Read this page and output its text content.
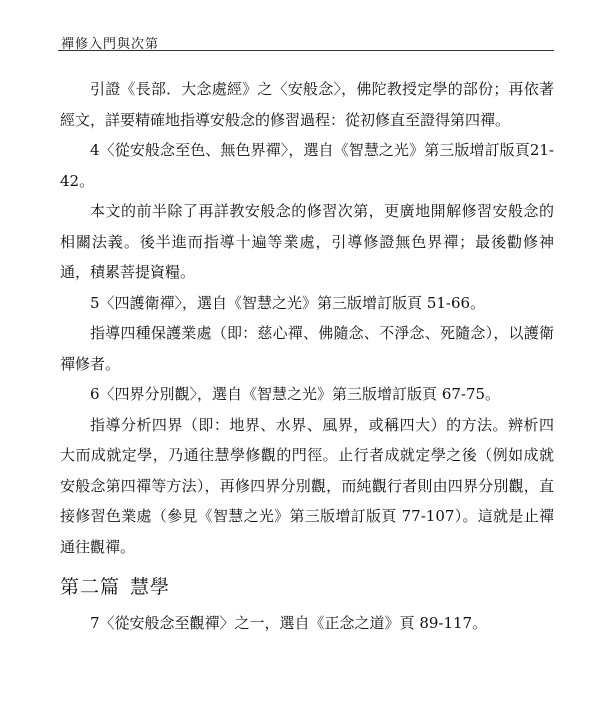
禪修入門與次第

引證《長部．大念處經》之〈安般念〉，佛陀教授定學的部份；再依著經文，詳要精確地指導安般念的修習過程：從初修直至證得第四禪。

4〈從安般念至色、無色界禪〉，選自《智慧之光》第三版增訂版頁21-42。

本文的前半除了再詳教安般念的修習次第，更廣地開解修習安般念的相關法義。後半進而指導十遍等業處，引導修證無色界禪；最後勸修神通，積累菩提資糧。

5〈四護衛禪〉，選自《智慧之光》第三版增訂版頁 51-66。

指導四種保護業處（即：慈心禪、佛隨念、不淨念、死隨念），以護衛禪修者。

6〈四界分別觀〉，選自《智慧之光》第三版增訂版頁 67-75。

指導分析四界（即：地界、水界、風界，或稱四大）的方法。辨析四大而成就定學，乃通往慧學修觀的門徑。止行者成就定學之後（例如成就安般念第四禪等方法），再修四界分別觀，而純觀行者則由四界分別觀，直接修習色業處（參見《智慧之光》第三版增訂版頁 77-107）。這就是止禪通往觀禪。

第二篇 慧學

7〈從安般念至觀禪〉之一，選自《正念之道》頁 89-117。
